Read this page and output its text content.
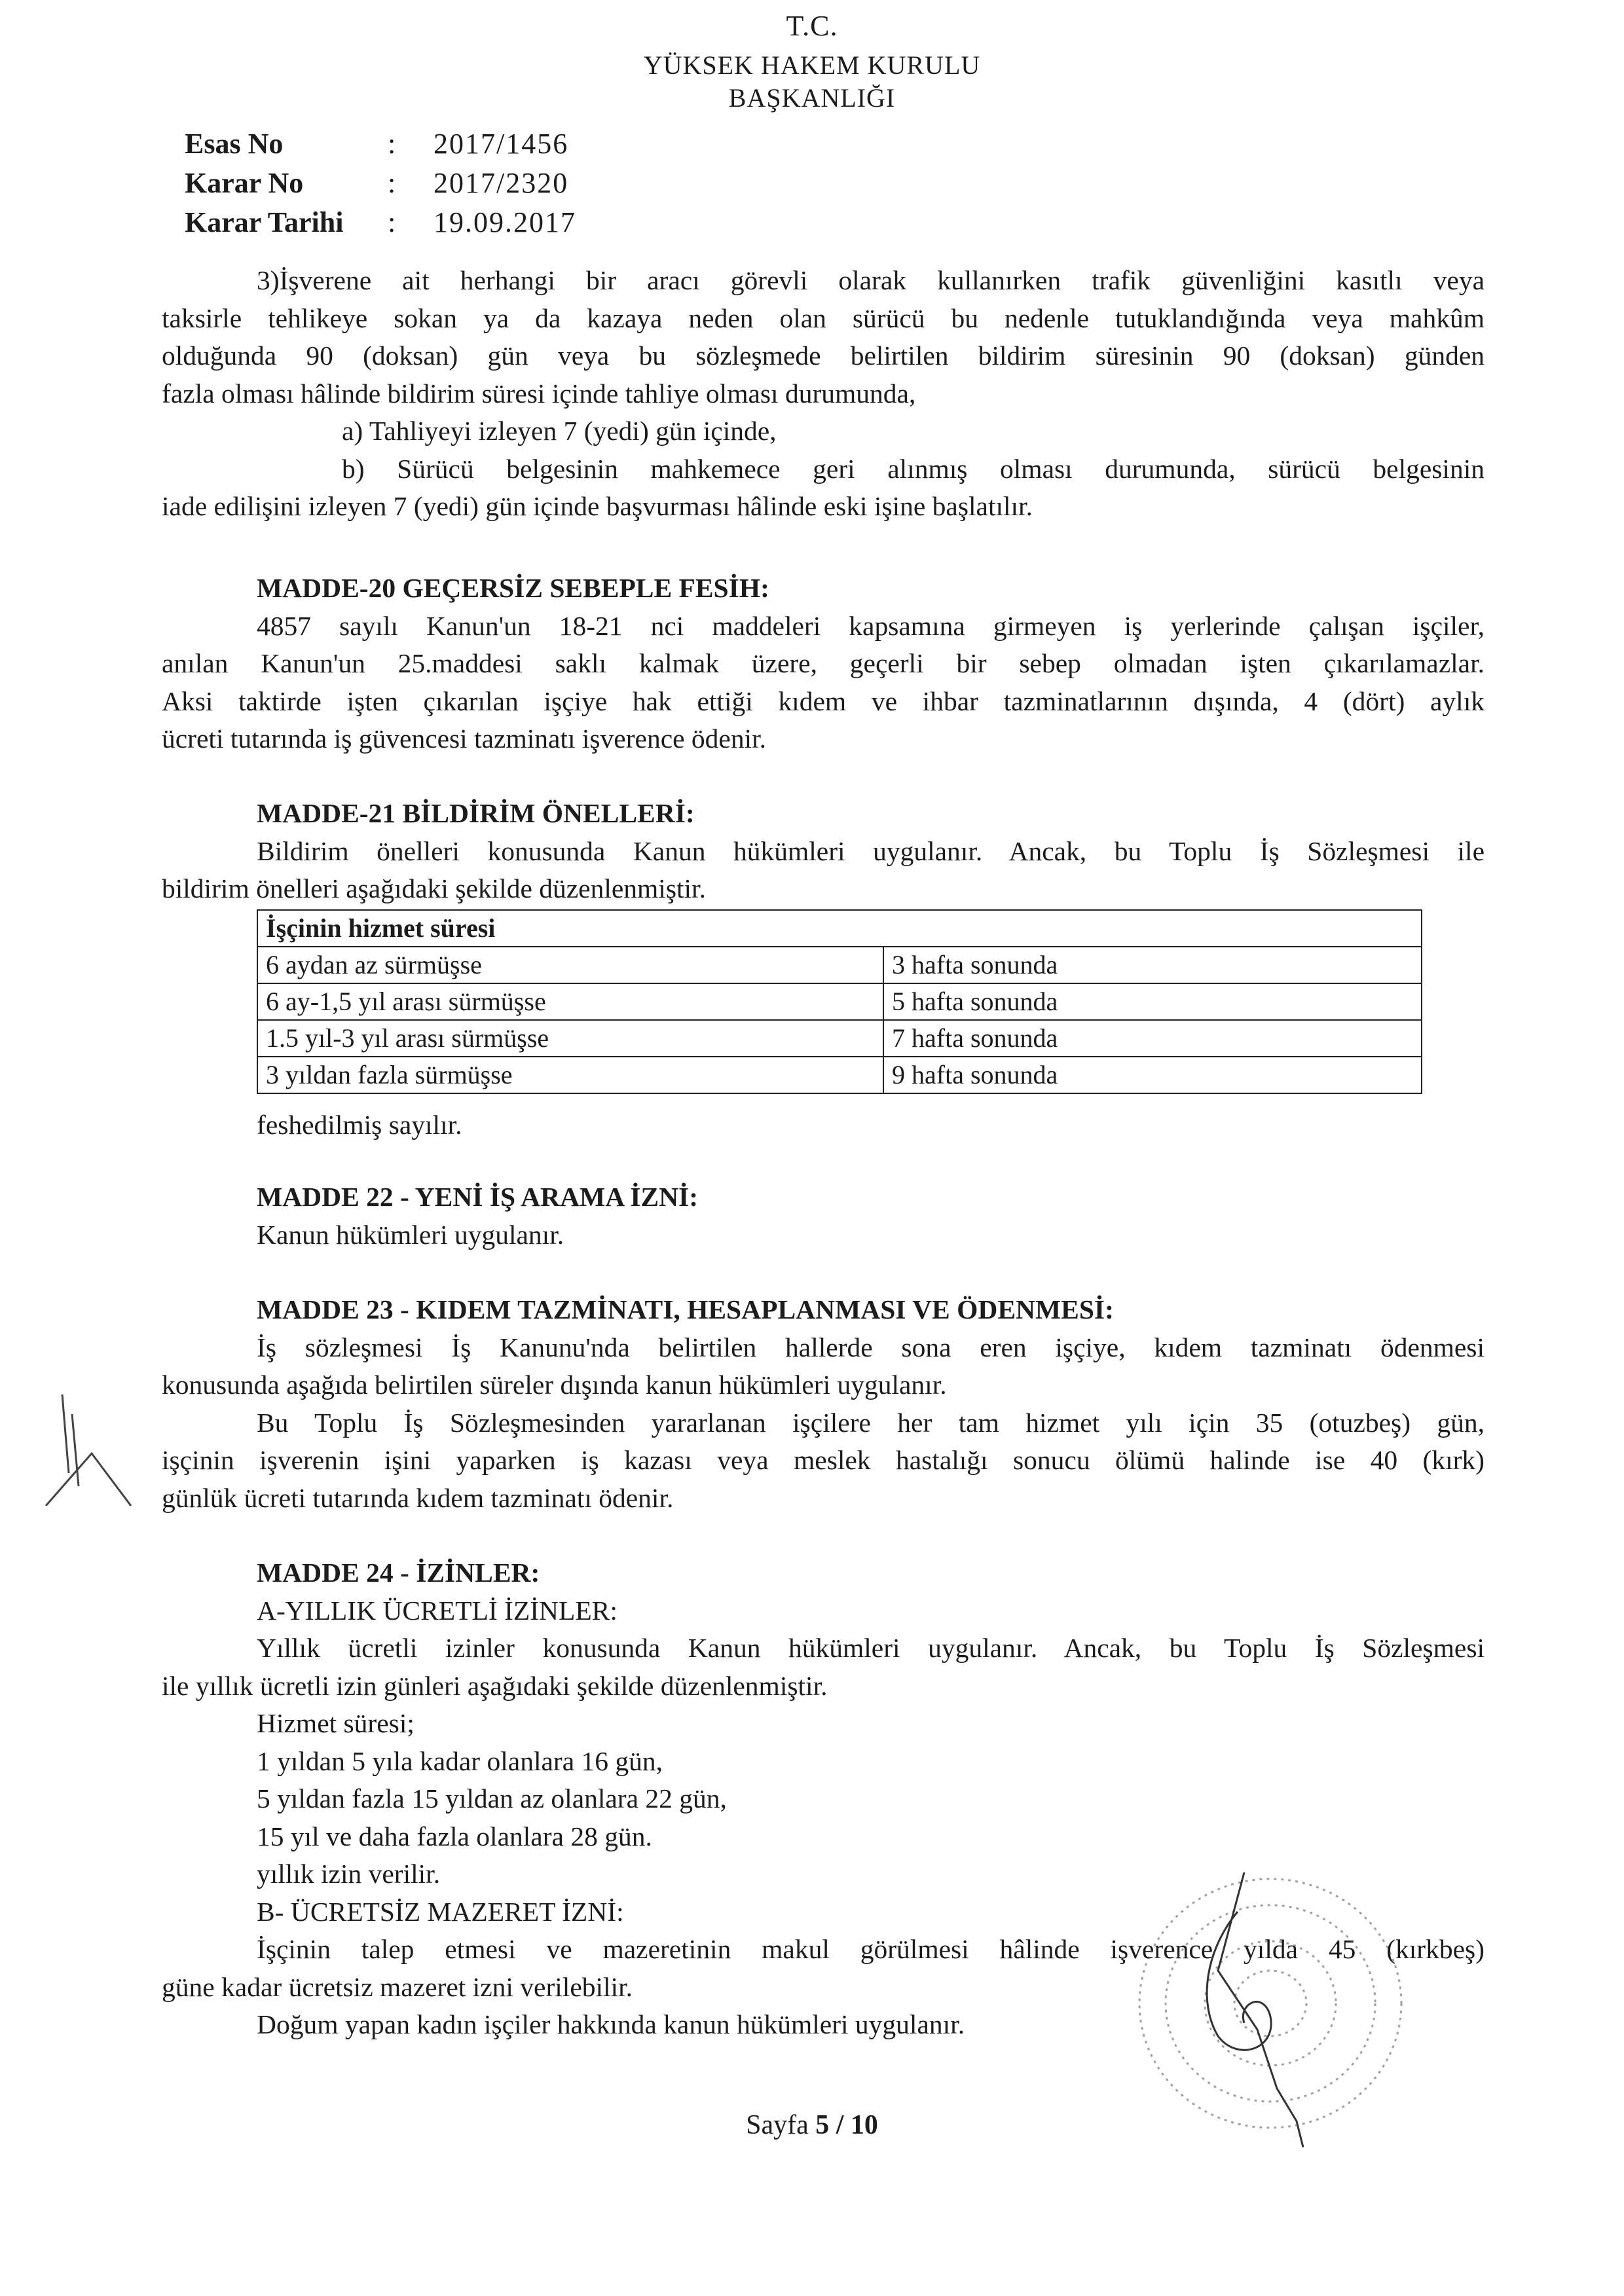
T.C.
YÜKSEK HAKEM KURULU
BAŞKANLIĞI
Esas No	:	2017/1456
Karar No	:	2017/2320
Karar Tarihi	:	19.09.2017

3)İşverene ait herhangi bir aracı görevli olarak kullanırken trafik güvenliğini kasıtlı veya

taksirle tehlikeye sokan ya da kazaya neden olan sürücü bu nedenle tutuklandığında veya mahkûm

olduğunda 90 (doksan) gün veya bu sözleşmede belirtilen bildirim süresinin 90 (doksan) günden

fazla olması hâlinde bildirim süresi içinde tahliye olması durumunda,

a) Tahliyeyi izleyen 7 (yedi) gün içinde,

b) Sürücü belgesinin mahkemece geri alınmış olması durumunda, sürücü belgesinin

iade edilişini izleyen 7 (yedi) gün içinde başvurması hâlinde eski işine başlatılır.

MADDE-20 GEÇERSİZ SEBEPLE FESİH:

4857 sayılı Kanun'un 18-21 nci maddeleri kapsamına girmeyen iş yerlerinde çalışan işçiler,

anılan Kanun'un 25.maddesi saklı kalmak üzere, geçerli bir sebep olmadan işten çıkarılamazlar.

Aksi taktirde işten çıkarılan işçiye hak ettiği kıdem ve ihbar tazminatlarının dışında, 4 (dört) aylık

ücreti tutarında iş güvencesi tazminatı işverence ödenir.

MADDE-21 BİLDİRİM ÖNELLERİ:

Bildirim önelleri konusunda Kanun hükümleri uygulanır. Ancak, bu Toplu İş Sözleşmesi ile

bildirim önelleri aşağıdaki şekilde düzenlenmiştir.

İşçinin hizmet süresi	
6 aydan az sürmüşse	3 hafta sonunda
6 ay-1,5 yıl arası sürmüşse	5 hafta sonunda
1.5 yıl-3 yıl arası sürmüşse	7 hafta sonunda
3 yıldan fazla sürmüşse	9 hafta sonunda

feshedilmiş sayılır.

MADDE 22 - YENİ İŞ ARAMA İZNİ:

Kanun hükümleri uygulanır.

MADDE 23 - KIDEM TAZMİNATI, HESAPLANMASI VE ÖDENMESİ:

İş sözleşmesi İş Kanunu'nda belirtilen hallerde sona eren işçiye, kıdem tazminatı ödenmesi

konusunda aşağıda belirtilen süreler dışında kanun hükümleri uygulanır.

Bu Toplu İş Sözleşmesinden yararlanan işçilere her tam hizmet yılı için 35 (otuzbeş) gün,

işçinin işverenin işini yaparken iş kazası veya meslek hastalığı sonucu ölümü halinde ise 40 (kırk)

günlük ücreti tutarında kıdem tazminatı ödenir.

MADDE 24 - İZİNLER:

A-YILLIK ÜCRETLİ İZİNLER:

Yıllık ücretli izinler konusunda Kanun hükümleri uygulanır. Ancak, bu Toplu İş Sözleşmesi

ile yıllık ücretli izin günleri aşağıdaki şekilde düzenlenmiştir.

Hizmet süresi;

1 yıldan 5 yıla kadar olanlara 16 gün,

5 yıldan fazla 15 yıldan az olanlara 22 gün,

15 yıl ve daha fazla olanlara 28 gün.

yıllık izin verilir.

B- ÜCRETSİZ MAZERET İZNİ:

İşçinin talep etmesi ve mazeretinin makul görülmesi hâlinde işverence yılda 45 (kırkbeş)

güne kadar ücretsiz mazeret izni verilebilir.

Doğum yapan kadın işçiler hakkında kanun hükümleri uygulanır.

Sayfa 5 / 10
